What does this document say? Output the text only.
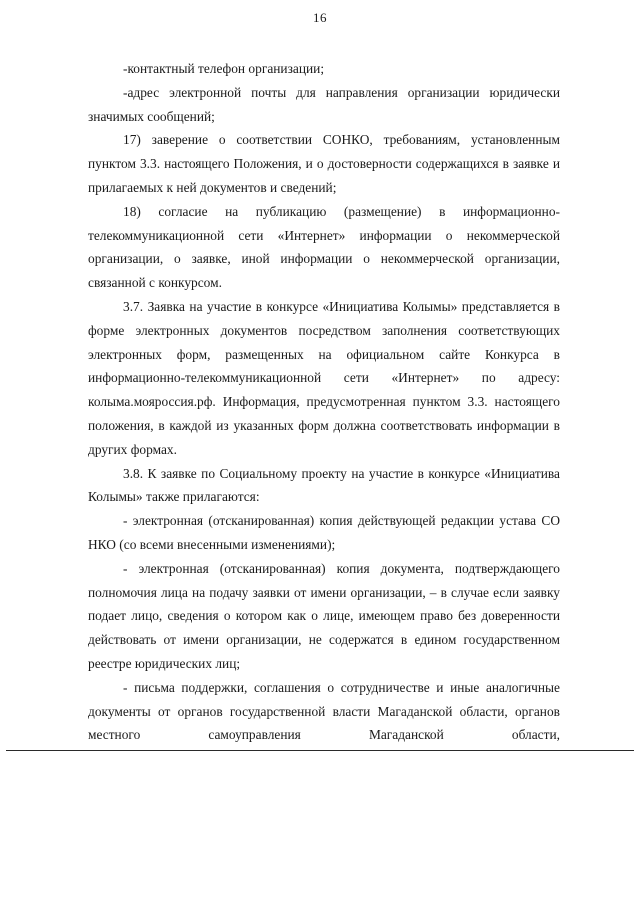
16

-контактный телефон организации;

-адрес электронной почты для направления организации юридически значимых сообщений;

17) заверение о соответствии СОНКО, требованиям, установленным пунктом 3.3. настоящего Положения, и о достоверности содержащихся в заявке и прилагаемых к ней документов и сведений;

18) согласие на публикацию (размещение) в информационно-телекоммуникационной сети «Интернет» информации о некоммерческой организации, о заявке, иной информации о некоммерческой организации, связанной с конкурсом.

3.7. Заявка на участие в конкурсе «Инициатива Колымы» представляется в форме электронных документов посредством заполнения соответствующих электронных форм, размещенных на официальном сайте Конкурса в информационно-телекоммуникационной сети «Интернет» по адресу: колыма.мояроссия.рф. Информация, предусмотренная пунктом 3.3. настоящего положения, в каждой из указанных форм должна соответствовать информации в других формах.

3.8. К заявке по Социальному проекту на участие в конкурсе «Инициатива Колымы» также прилагаются:

- электронная (отсканированная) копия действующей редакции устава СО НКО (со всеми внесенными изменениями);

- электронная (отсканированная) копия документа, подтверждающего полномочия лица на подачу заявки от имени организации, – в случае если заявку подает лицо, сведения о котором как о лице, имеющем право без доверенности действовать от имени организации, не содержатся в едином государственном реестре юридических лиц;

- письма поддержки, соглашения о сотрудничестве и иные аналогичные документы от органов государственной власти Магаданской области, органов местного самоуправления Магаданской области,
